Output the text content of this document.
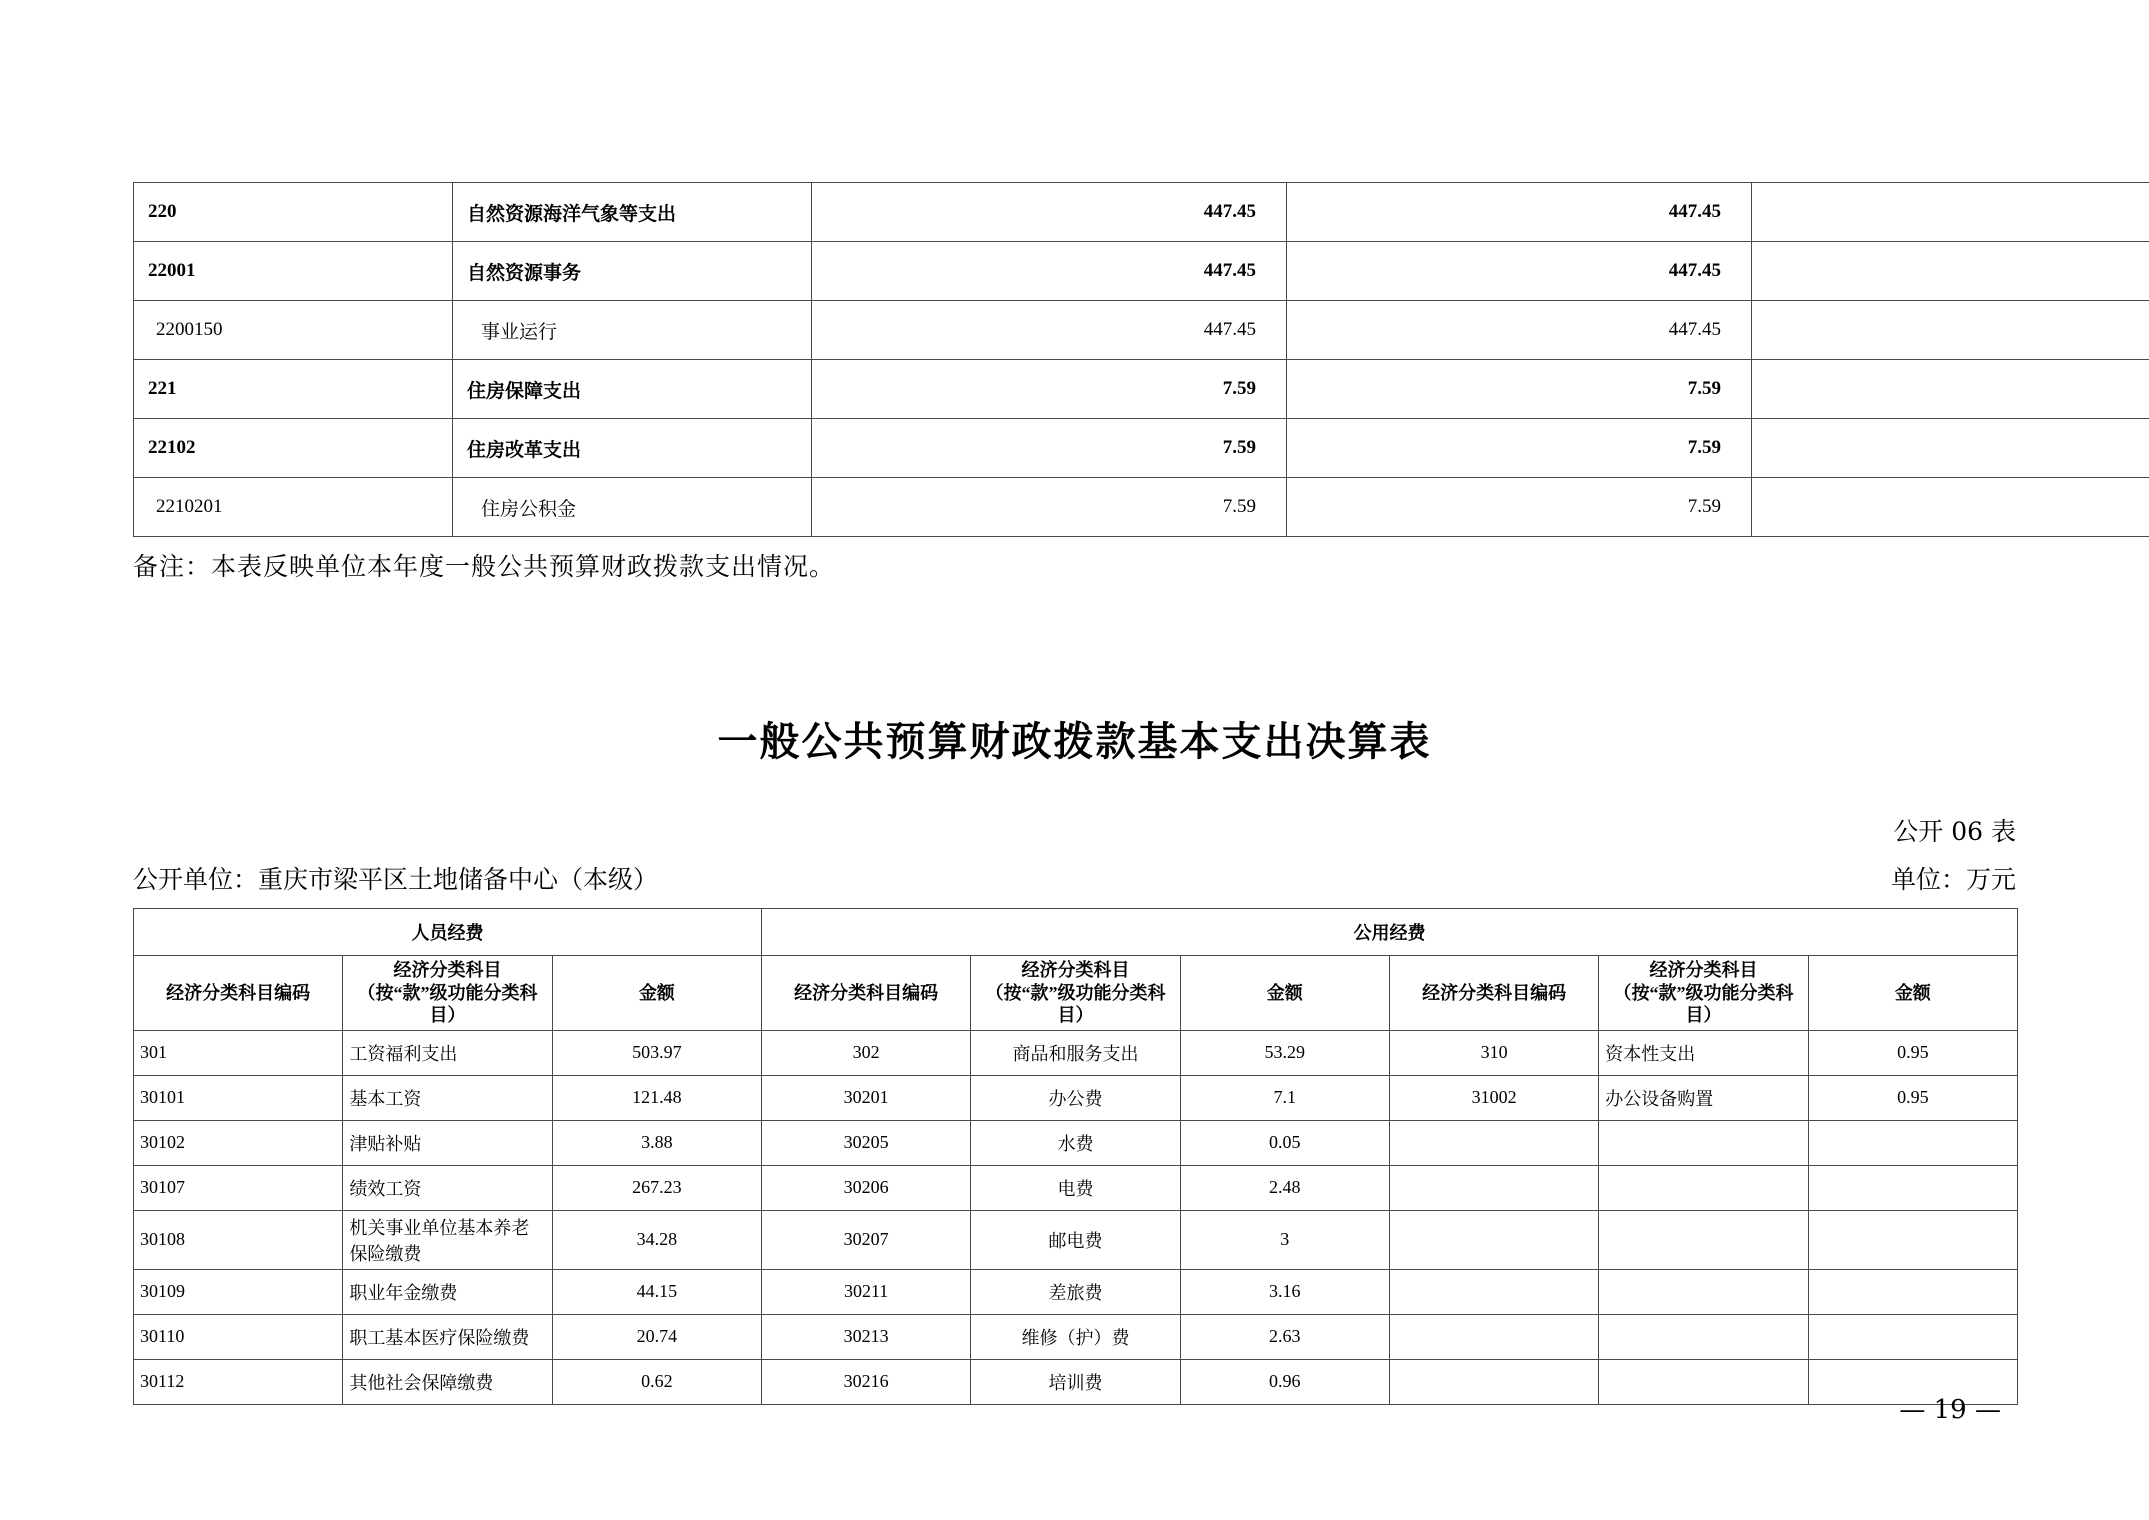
220	自然资源海洋气象等支出	447.45	447.45	
22001	自然资源事务	447.45	447.45	
2200150	事业运行	447.45	447.45	
221	住房保障支出	7.59	7.59	
22102	住房改革支出	7.59	7.59	
2210201	住房公积金	7.59	7.59	
备注：本表反映单位本年度一般公共预算财政拨款支出情况。
一般公共预算财政拨款基本支出决算表
公开 06 表
公开单位：重庆市梁平区土地储备中心（本级）	单位：万元
人员经费			公用经费					
经济分类科目编码	经济分类科目（按“款”级功能分类科目）	金额	经济分类科目编码	经济分类科目（按“款”级功能分类科目）	金额	经济分类科目编码	经济分类科目（按“款”级功能分类科目）	金额
301	工资福利支出	503.97	302	商品和服务支出	53.29	310	资本性支出	0.95
30101	基本工资	121.48	30201	办公费	7.1	31002	办公设备购置	0.95
30102	津贴补贴	3.88	30205	水费	0.05			
30107	绩效工资	267.23	30206	电费	2.48			
30108	机关事业单位基本养老保险缴费	34.28	30207	邮电费	3			
30109	职业年金缴费	44.15	30211	差旅费	3.16			
30110	职工基本医疗保险缴费	20.74	30213	维修（护）费	2.63			
30112	其他社会保障缴费	0.62	30216	培训费	0.96			
— 19 —
